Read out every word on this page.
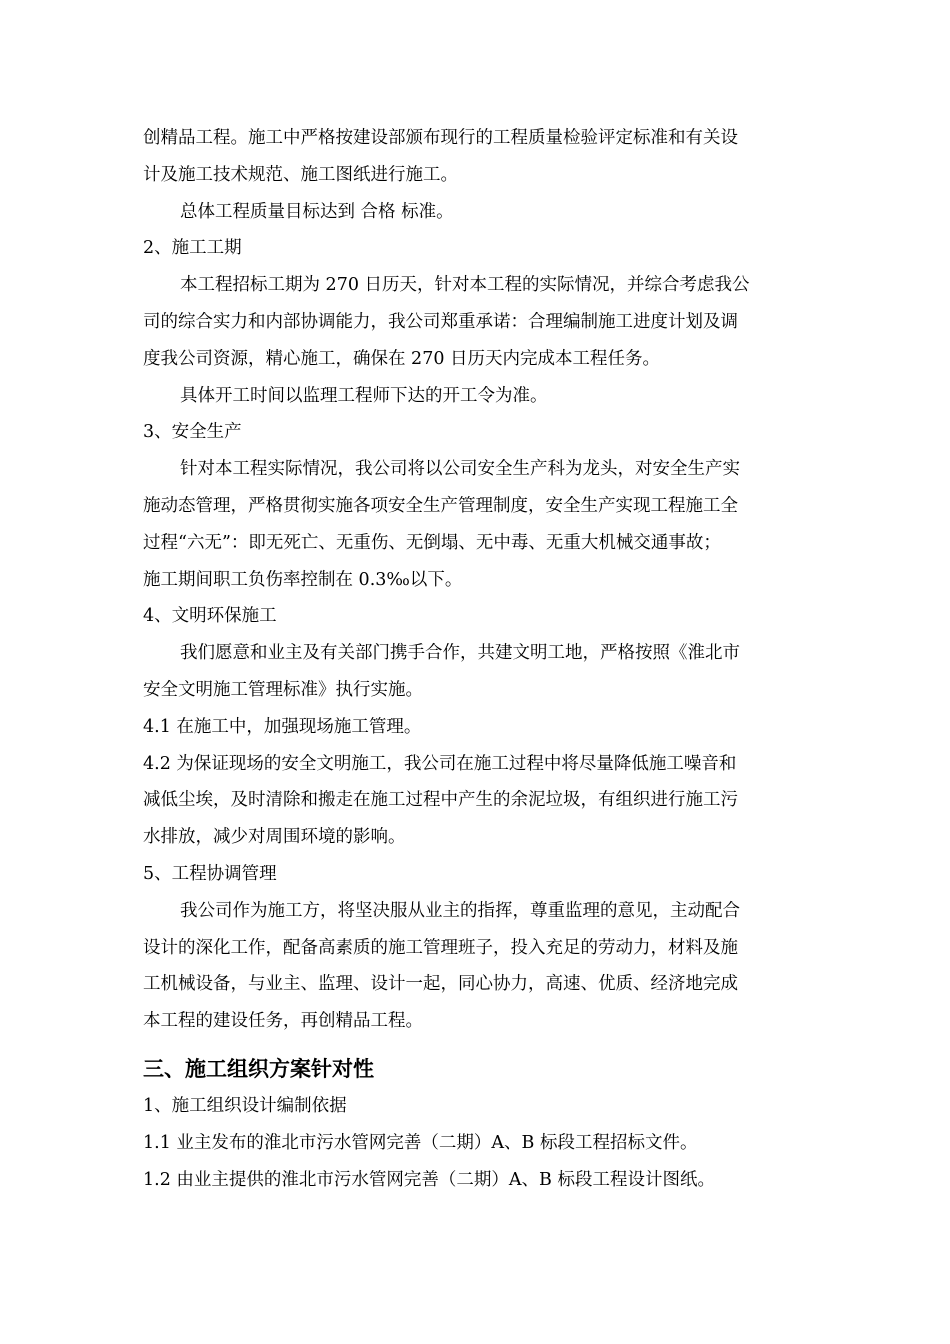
创精品工程。施工中严格按建设部颁布现行的工程质量检验评定标准和有关设
计及施工技术规范、施工图纸进行施工。
总体工程质量目标达到 合格 标准。
2、施工工期
本工程招标工期为 270 日历天，针对本工程的实际情况，并综合考虑我公
司的综合实力和内部协调能力，我公司郑重承诺：合理编制施工进度计划及调
度我公司资源，精心施工，确保在 270 日历天内完成本工程任务。
具体开工时间以监理工程师下达的开工令为准。
3、安全生产
针对本工程实际情况，我公司将以公司安全生产科为龙头，对安全生产实
施动态管理，严格贯彻实施各项安全生产管理制度，安全生产实现工程施工全
过程“六无”：即无死亡、无重伤、无倒塌、无中毒、无重大机械交通事故；
施工期间职工负伤率控制在 0.3‰以下。
4、文明环保施工
我们愿意和业主及有关部门携手合作，共建文明工地，严格按照《淮北市
安全文明施工管理标准》执行实施。
4.1 在施工中，加强现场施工管理。
4.2 为保证现场的安全文明施工，我公司在施工过程中将尽量降低施工噪音和
减低尘埃，及时清除和搬走在施工过程中产生的余泥垃圾，有组织进行施工污
水排放，减少对周围环境的影响。
5、工程协调管理
我公司作为施工方，将坚决服从业主的指挥，尊重监理的意见，主动配合
设计的深化工作，配备高素质的施工管理班子，投入充足的劳动力，材料及施
工机械设备，与业主、监理、设计一起，同心协力，高速、优质、经济地完成
本工程的建设任务，再创精品工程。
三、施工组织方案针对性
1、施工组织设计编制依据
1.1 业主发布的淮北市污水管网完善（二期）A、B 标段工程招标文件。
1.2 由业主提供的淮北市污水管网完善（二期）A、B 标段工程设计图纸。
